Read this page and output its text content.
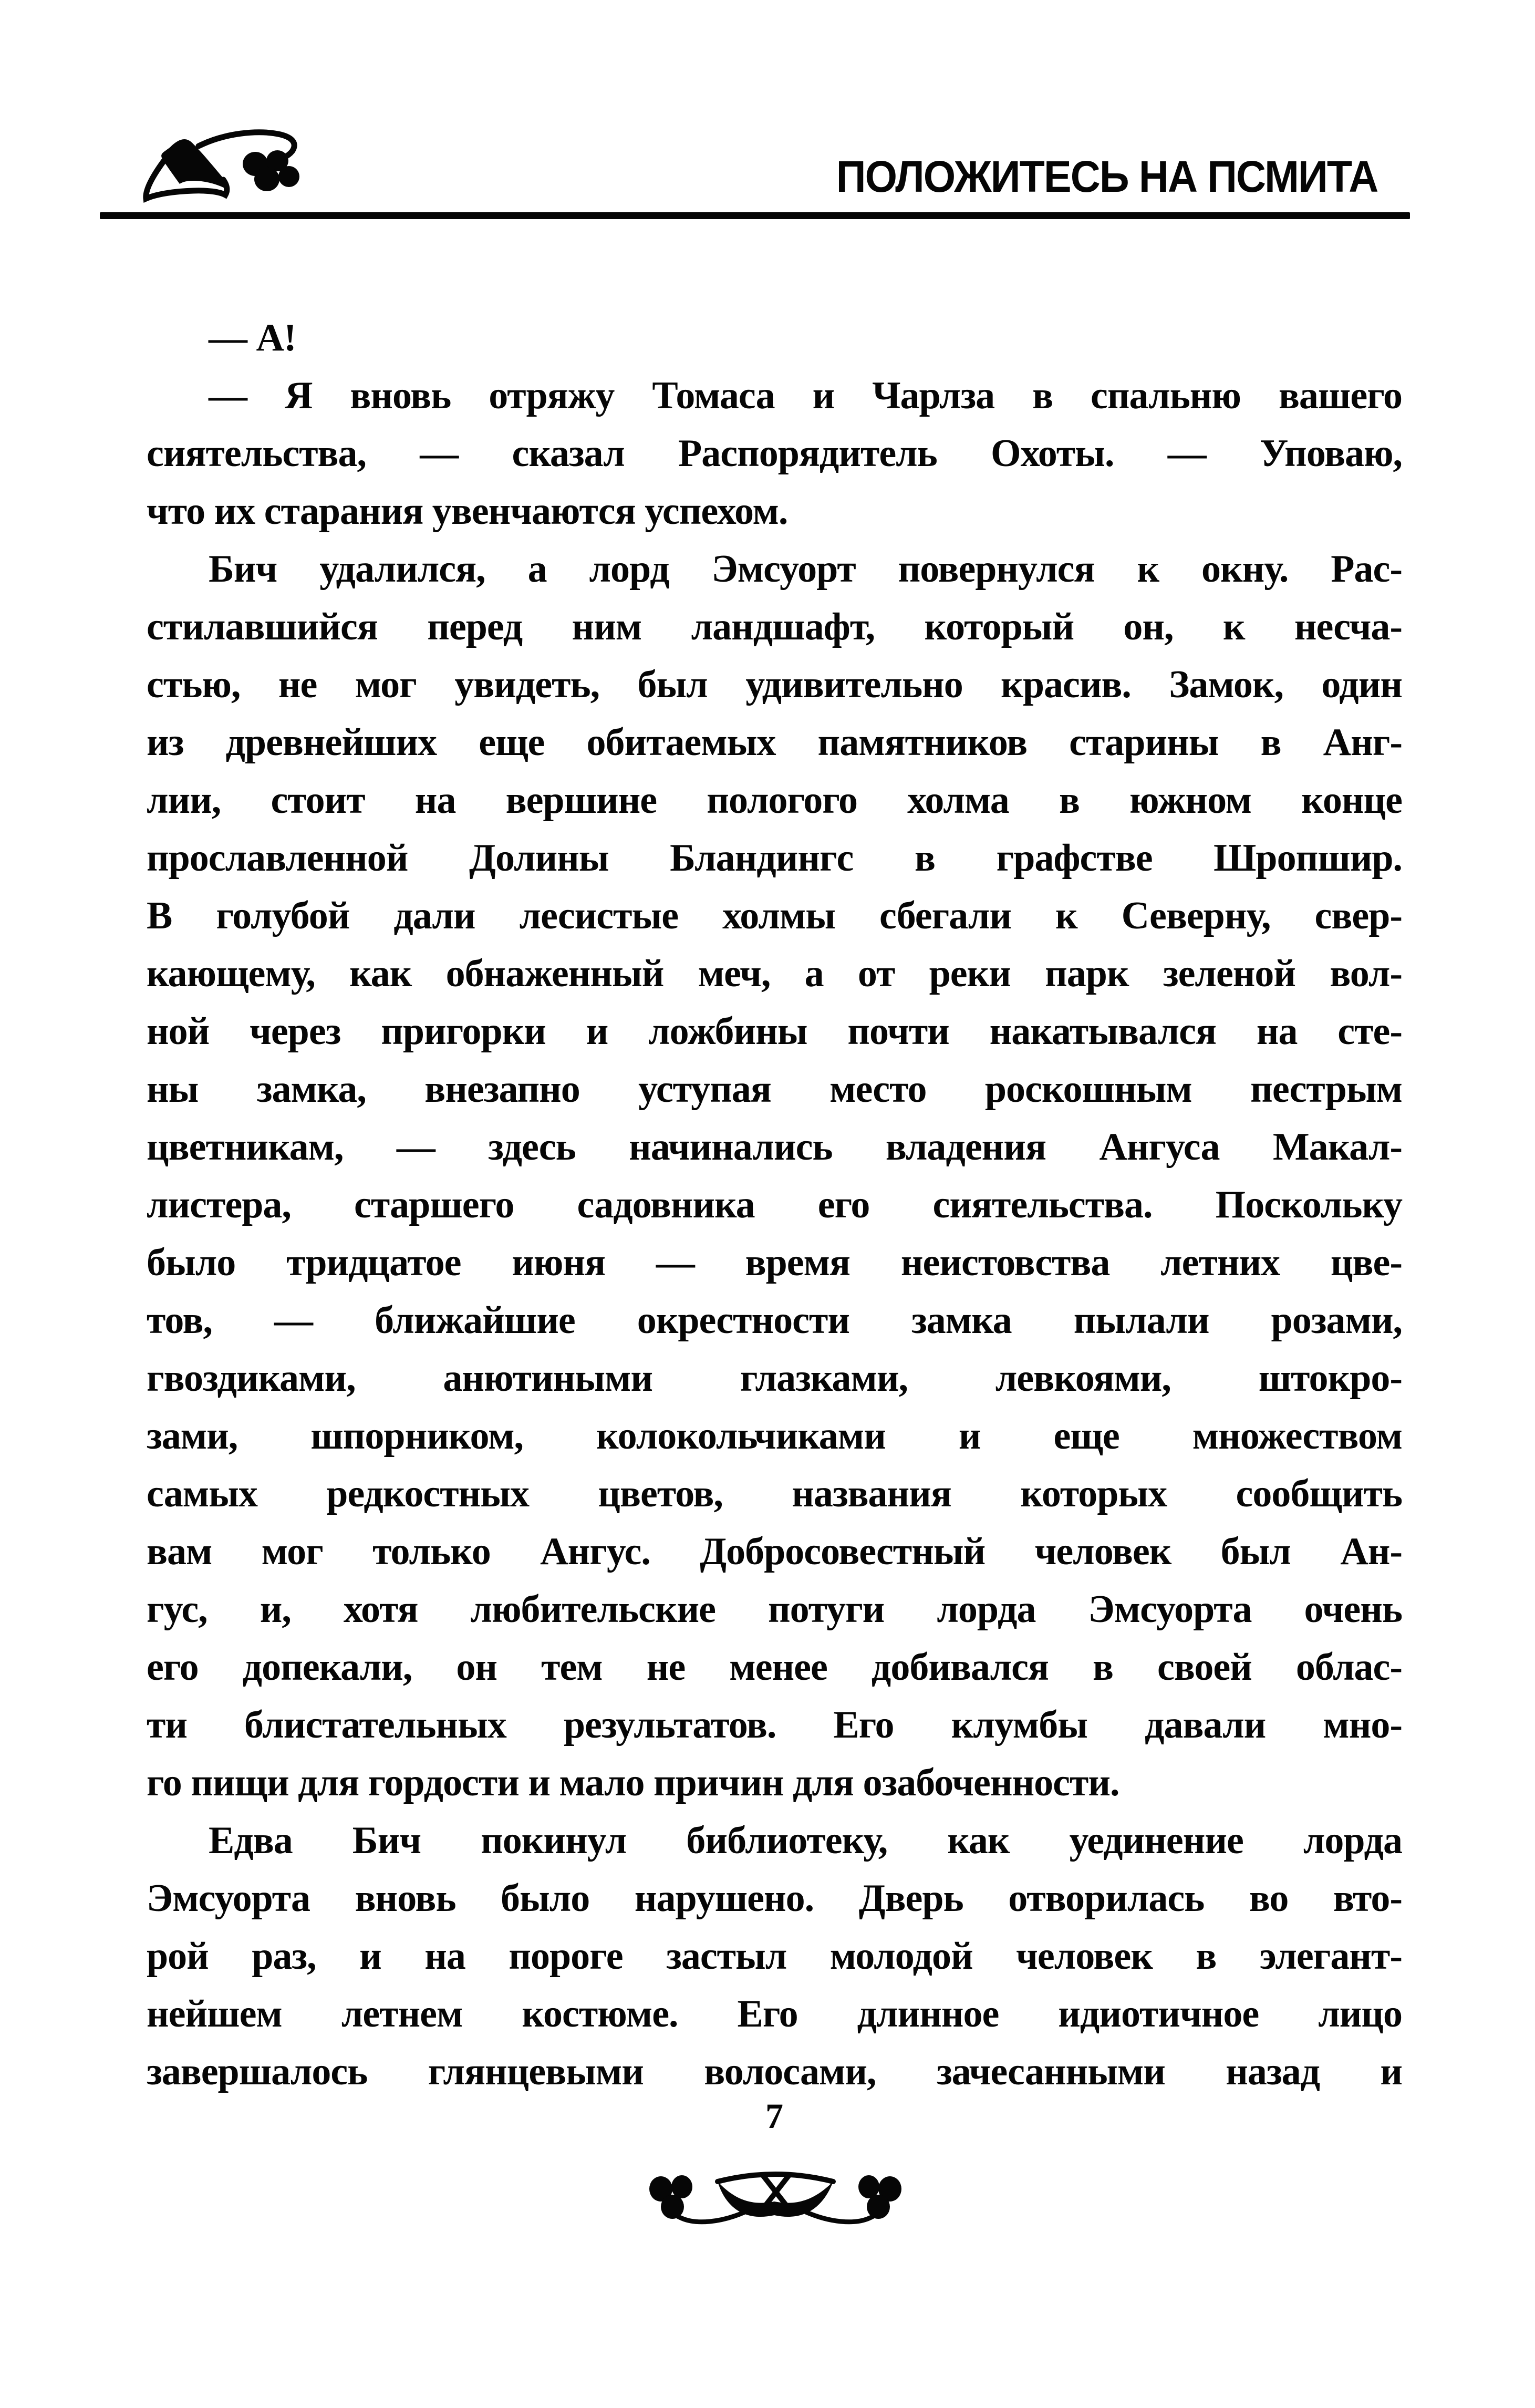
ПОЛОЖИТЕСЬ НА ПСМИТА
— А!
— Я вновь отряжу Томаса и Чарлза в спальню вашего
сиятельства, — сказал Распорядитель Охоты. — Уповаю,
что их старания увенчаются успехом.
Бич удалился, а лорд Эмсуорт повернулся к окну. Рас-
стилавшийся перед ним ландшафт, который он, к несча-
стью, не мог увидеть, был удивительно красив. Замок, один
из древнейших еще обитаемых памятников старины в Анг-
лии, стоит на вершине пологого холма в южном конце
прославленной Долины Бландингс в графстве Шропшир.
В голубой дали лесистые холмы сбегали к Северну, свер-
кающему, как обнаженный меч, а от реки парк зеленой вол-
ной через пригорки и ложбины почти накатывался на сте-
ны замка, внезапно уступая место роскошным пестрым
цветникам, — здесь начинались владения Ангуса Макал-
листера, старшего садовника его сиятельства. Поскольку
было тридцатое июня — время неистовства летних цве-
тов, — ближайшие окрестности замка пылали розами,
гвоздиками, анютиными глазками, левкоями, штокро-
зами, шпорником, колокольчиками и еще множеством
самых редкостных цветов, названия которых сообщить
вам мог только Ангус. Добросовестный человек был Ан-
гус, и, хотя любительские потуги лорда Эмсуорта очень
его допекали, он тем не менее добивался в своей облас-
ти блистательных результатов. Его клумбы давали мно-
го пищи для гордости и мало причин для озабоченности.
Едва Бич покинул библиотеку, как уединение лорда
Эмсуорта вновь было нарушено. Дверь отворилась во вто-
рой раз, и на пороге застыл молодой человек в элегант-
нейшем летнем костюме. Его длинное идиотичное лицо
завершалось глянцевыми волосами, зачесанными назад и
7
